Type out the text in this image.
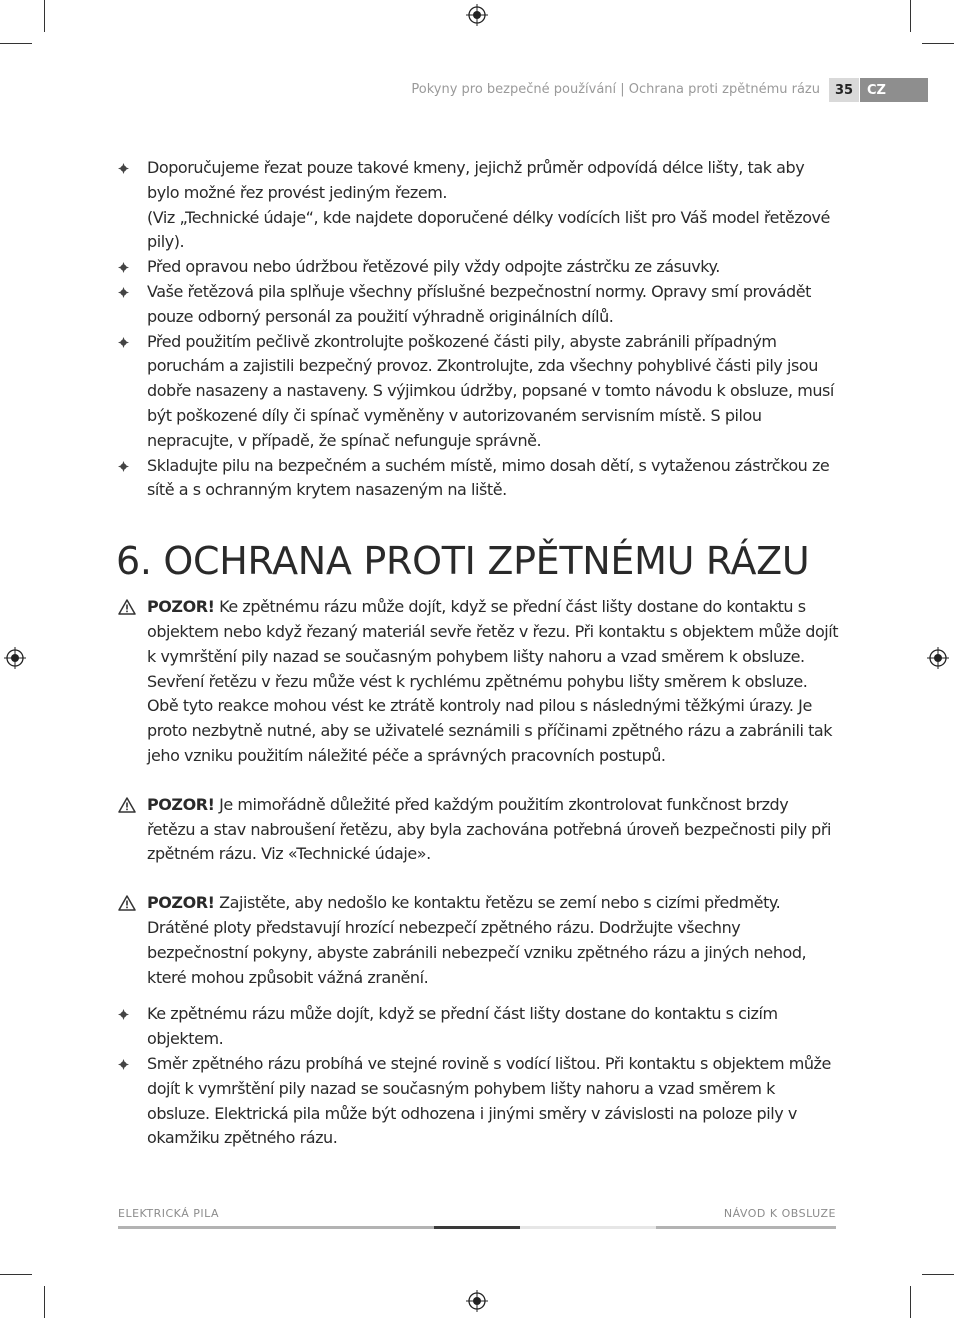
Pokyny pro bezpečné používání | Ochrana proti zpětnému rázu	35	CZ

Doporučujeme řezat pouze takové kmeny, jejichž průměr odpovídá délce lišty, tak aby bylo možné řez provést jediným řezem.

(Viz „Technické údaje“, kde najdete doporučené délky vodících lišt pro Váš model řetězové pily).

Před opravou nebo údržbou řetězové pily vždy odpojte zástrčku ze zásuvky.

Vaše řetězová pila splňuje všechny příslušné bezpečnostní normy. Opravy smí provádět pouze odborný personál za použití výhradně originálních dílů.

Před použitím pečlivě zkontrolujte poškozené části pily, abyste zabránili případným poruchám a zajistili bezpečný provoz. Zkontrolujte, zda všechny pohyblivé části pily jsou dobře nasazeny a nastaveny. S výjimkou údržby, popsané v tomto návodu k obsluze, musí být poškozené díly či spínač vyměněny v autorizovaném servisním místě. S pilou nepracujte, v případě, že spínač nefunguje správně.

Skladujte pilu na bezpečném a suchém místě, mimo dosah dětí, s vytaženou zástrčkou ze sítě a s ochranným krytem nasazeným na liště.

6. OCHRANA PROTI ZPĚTNÉMU RÁZU

POZOR! Ke zpětnému rázu může dojít, když se přední část lišty dostane do kontaktu s objektem nebo když řezaný materiál sevře řetěz v řezu. Při kontaktu s objektem může dojít k vymrštění pily nazad se současným pohybem lišty nahoru a vzad směrem k obsluze. Sevření řetězu v řezu může vést k rychlému zpětnému pohybu lišty směrem k obsluze. Obě tyto reakce mohou vést ke ztrátě kontroly nad pilou s následnými těžkými úrazy. Je proto nezbytně nutné, aby se uživatelé seznámili s příčinami zpětného rázu a zabránili tak jeho vzniku použitím náležité péče a správných pracovních postupů.

POZOR! Je mimořádně důležité před každým použitím zkontrolovat funkčnost brzdy řetězu a stav nabroušení řetězu, aby byla zachována potřebná úroveň bezpečnosti pily při zpětném rázu. Viz «Technické údaje».

POZOR! Zajistěte, aby nedošlo ke kontaktu řetězu se zemí nebo s cizími předměty. Drátěné ploty představují hrozící nebezpečí zpětného rázu. Dodržujte všechny bezpečnostní pokyny, abyste zabránili nebezpečí vzniku zpětného rázu a jiných nehod, které mohou způsobit vážná zranění.

Ke zpětnému rázu může dojít, když se přední část lišty dostane do kontaktu s cizím objektem.

Směr zpětného rázu probíhá ve stejné rovině s vodící lištou. Při kontaktu s objektem může dojít k vymrštění pily nazad se současným pohybem lišty nahoru a vzad směrem k obsluze. Elektrická pila může být odhozena i jinými směry v závislosti na poloze pily v okamžiku zpětného rázu.

ELEKTRICKÁ PILA	NÁVOD K OBSLUZE
